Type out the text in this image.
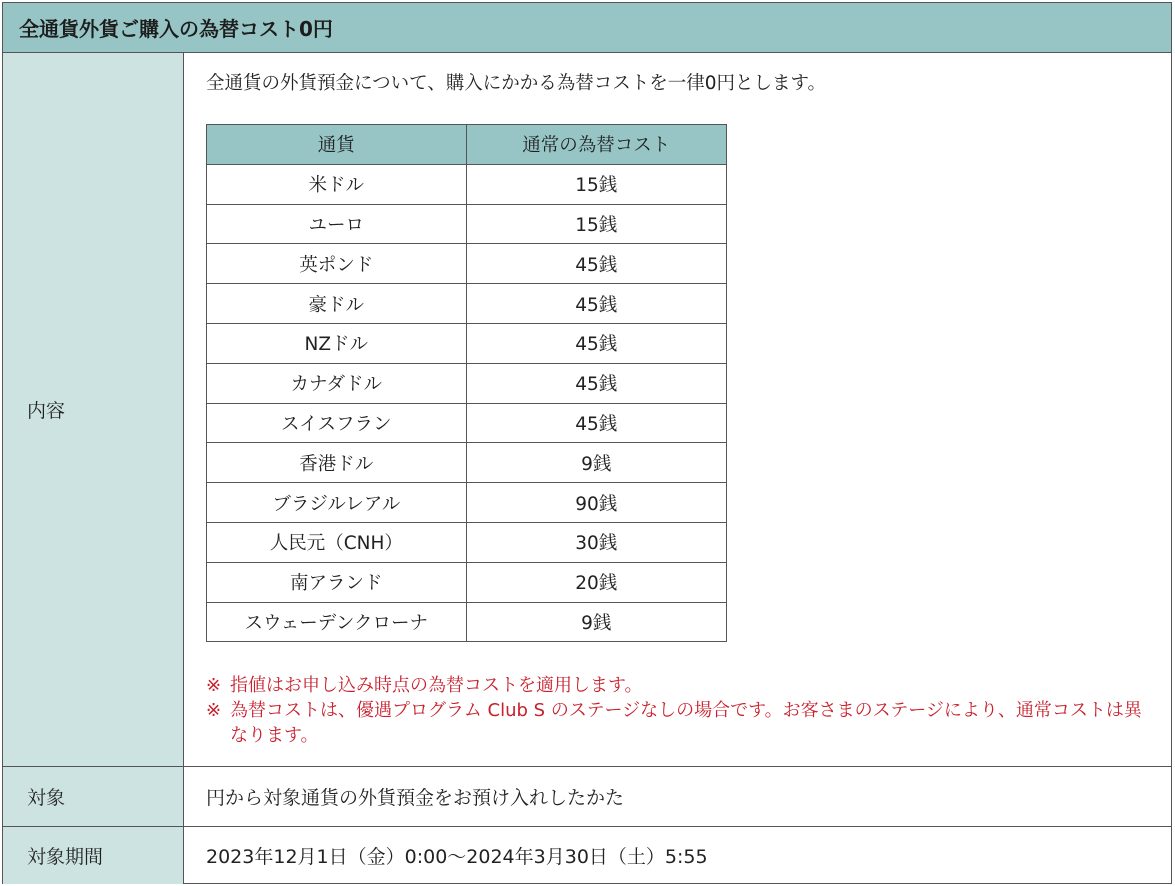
全通貨外貨ご購入の為替コスト0円
内容
全通貨の外貨預金について、購入にかかる為替コストを一律0円とします。
通貨	通常の為替コスト
米ドル	15銭
ユーロ	15銭
英ポンド	45銭
豪ドル	45銭
NZドル	45銭
カナダドル	45銭
スイスフラン	45銭
香港ドル	9銭
ブラジルレアル	90銭
人民元（CNH）	30銭
南アランド	20銭
スウェーデンクローナ	9銭
※ 指値はお申し込み時点の為替コストを適用します。
※ 為替コストは、優遇プログラム Club S のステージなしの場合です。お客さまのステージにより、通常コストは異なります。
対象	円から対象通貨の外貨預金をお預け入れしたかた
対象期間	2023年12月1日（金）0:00〜2024年3月30日（土）5:55
